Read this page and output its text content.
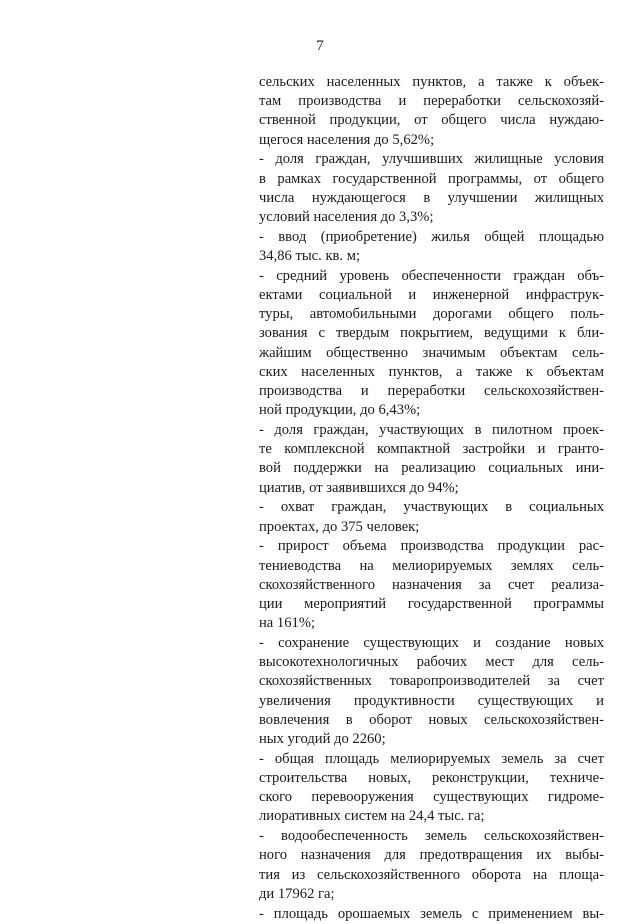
7
сельских населенных пунктов, а также к объек-
там производства и переработки сельскохозяй-
ственной продукции, от общего числа нуждаю-
щегося населения до 5,62%;
- доля граждан, улучшивших жилищные условия
в рамках государственной программы, от общего
числа нуждающегося в улучшении жилищных
условий населения до 3,3%;
- ввод (приобретение) жилья общей площадью
34,86 тыс. кв. м;
- средний уровень обеспеченности граждан объ-
ектами социальной и инженерной инфраструк-
туры, автомобильными дорогами общего поль-
зования с твердым покрытием, ведущими к бли-
жайшим общественно значимым объектам сель-
ских населенных пунктов, а также к объектам
производства и переработки сельскохозяйствен-
ной продукции, до 6,43%;
- доля граждан, участвующих в пилотном проек-
те комплексной компактной застройки и грантo-
вой поддержки на реализацию социальных ини-
циатив, от заявившихся до 94%;
- охват граждан, участвующих в социальных
проектах, до 375 человек;
- прирост объема производства продукции рас-
тениеводства на мелиорируемых землях сель-
скохозяйственного назначения за счет реализа-
ции мероприятий государственной программы
на 161%;
- сохранение существующих и создание новых
высокотехнологичных рабочих мест для сель-
скохозяйственных товаропроизводителей за счет
увеличения продуктивности существующих и
вовлечения в оборот новых сельскохозяйствен-
ных угодий до 2260;
- общая площадь мелиорируемых земель за счет
строительства новых, реконструкции, техниче-
ского перевооружения существующих гидроме-
лиоративных систем на 24,4 тыс. га;
- водообеспеченность земель сельскохозяйствен-
ного назначения для предотвращения их выбы-
тия из сельскохозяйственного оборота на площа-
ди 17962 га;
- площадь орошаемых земель с применением вы-
